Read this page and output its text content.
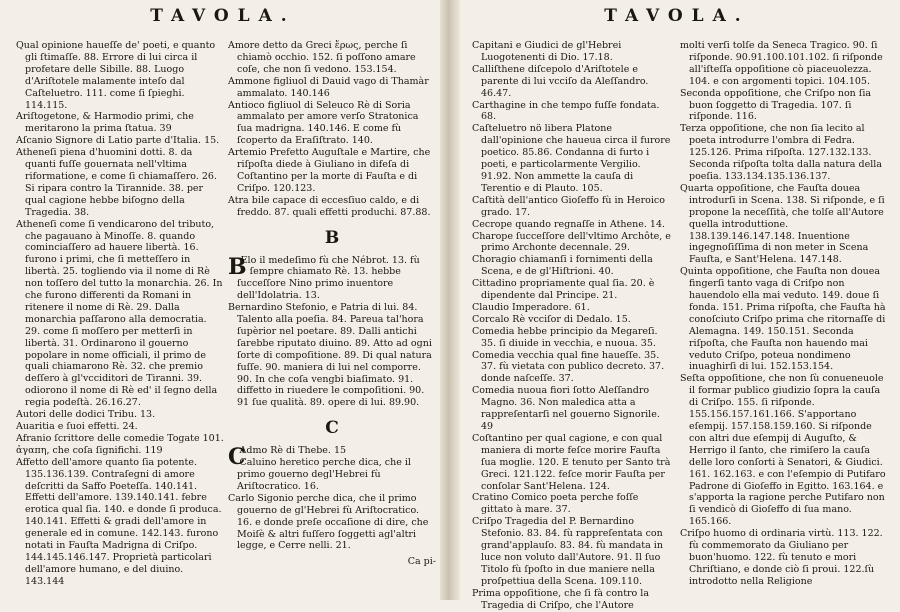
TAVOLA.

Qual opinione haueſſe de' poeti, e quanto gli ſtimaſſe. 88. Errore di lui circa il profetare delle Sibille. 88. Luogo d'Ariſtotele malamente inteſo dal Caſteluetro. 111. come ſi ſpieghi. 114.115.

Ariſtogetone, & Harmodio primi, che meritarono la prima ſtatua. 39

Aſcanio Signore di Latio parte d'Italia. 15.

Atheneſi piena d'huomini dotti. 8. da quanti fuſſe gouernata nell'vltima riformatione, e come ſi chiamaſſero. 26. Si ripara contro la Tirannide. 38. per qual cagione hebbe biſogno della Tragedia. 38.

Atheneſi come ſi vendicarono del tributo, che pagauano à Minoſſe. 8. quando cominciaſſero ad hauere libertà. 16. furono i primi, che ſi metteſſero in libertà. 25. togliendo via il nome di Rè non toſſero del tutto la monarchia. 26. In che furono differenti da Romani in ritenere il nome di Rè. 29. Dalla monarchia paſſarono alla democratia. 29. come ſi moſſero per metterſi in libertà. 31. Ordinarono il gouerno popolare in nome officiali, il primo de quali chiamarono Rè. 32. che premio deſſero à gl'vcciditori de Tiranni. 39. odiorono il nome di Rè ed' il ſegno della regia podeſtà. 26.16.27.

Autori delle dodici Tribu. 13.

Auaritia e ſuoi effetti. 24.

Afranio ſcrittore delle comedie Togate 101.

ἀγαπη, che coſa ſignifichi. 119

Affetto dell'amore quanto ſia potente. 135.136.139. Contraſegni di amore deſcritti da Saffo Poeteſſa. 140.141. Effetti dell'amore. 139.140.141. febre erotica qual ſia. 140. e donde ſi produca. 140.141. Effetti & gradi dell'amore in generale ed in comune. 142.143. furono notati in Fauſta Madrigna di Criſpo. 144.145.146.147. Proprietà particolari dell'amore humano, e del diuino. 143.144

Amore detto da Greci ἔρως, perche ſi chiamò occhio. 152. ſi poſſono amare coſe, che non ſi vedono. 153.154.

Ammone figliuol di Dauid vago di Thamàr ammalato. 140.146

Antioco figliuol di Seleuco Rè di Soria ammalato per amore verſo Stratonica ſua madrigna. 140.146. E come fù ſcoperto da Eraſiſtrato. 140.

Artemio Prefetto Auguſtale e Martire, che riſpoſta diede à Giuliano in difeſa di Coſtantino per la morte di Fauſta e di Criſpo. 120.123.

Atra bile capace di eccesſiuo caldo, e di freddo. 87. quali effetti produchi. 87.88.

B

B
Elo il medeſimo fù che Nébrot. 13. fù ſempre chiamato Rè. 13. hebbe ſucceſſore Nino primo inuentore dell'Idolatria. 13.

Bernardino Stefonio, e Patria di lui. 84. Talento alla poeſia. 84. Pareua tal'hora ſupèrior nel poetare. 89. Dalli antichi ſarebbe riputato diuino. 89. Atto ad ogni ſorte di compoſitione. 89. Di qual natura fuſſe. 90. maniera di lui nel comporre. 90. In che coſa vengbi biaſimato. 91. diffetto in riuedere le compoſitioni. 90. 91 ſue qualità. 89. opere di lui. 89.90.

C

C
Admo Rè di Thebe. 15

Caluino heretico perche dica, che il primo gouerno degl'Hebrei fù Ariſtocratico. 16.

Carlo Sigonio perche dica, che il primo gouerno de gl'Hebrei fù Ariſtocratico. 16. e donde preſe occaſione di dire, che Moiſè & altri fuſſero ſoggetti agl'altri legge, e Cerre nelli. 21.

Ca pi-
TAVOLA.

Capitani e Giudici de gl'Hebrei Luogotenenti di Dio. 17.18.

Calliſthene diſcepolo d'Ariſtotele e parente di lui vcciſo da Aleſſandro. 46.47.

Carthagine in che tempo fuſſe fondata. 68.

Caſteluetro nö libera Platone dall'opinione che haueua circa il furore poetico. 85.86. Condanna di furto i poeti, e particolarmente Vergilio. 91.92. Non ammette la cauſa di Terentio e di Plauto. 105.

Caſtità dell'antico Gioſeffo fù in Heroico grado. 17.

Cecrope quando regnaſſe in Athene. 14.

Charope ſucceſſore dell'vltimo Archôte, e primo Archonte decennale. 29.

Choragio chiamanſi i fornimenti della Scena, e de gl'Hiſtrioni. 40.

Cittadino propriamente qual ſia. 20. è dipendente dal Principe. 21.

Claudio Imperadore. 61.

Corcalo Rè vcciſor di Dedalo. 15.

Comedia hebbe principio da Megareſi. 35. ſi diuide in vecchia, e nuoua. 35.

Comedia vecchia qual fine haueſſe. 35. 37. fù vietata con publico decreto. 37. donde naſceſſe. 37.

Comedia nuoua fiori ſotto Aleſſandro Magno. 36. Non maledica atta a rappreſentarſi nel gouerno Signorile. 49

Coſtantino per qual cagione, e con qual maniera di morte feſce morire Fauſta ſua moglie. 120. E tenuto per Santo trà Greci. 121.122. feſce morir Fauſta per conſolar Sant'Helena. 124.

Cratino Comico poeta perche foſſe gittato à mare. 37.

Criſpo Tragedia del P. Bernardino Stefonio. 83. 84. fù rappreſentata con grand'applauſo. 83. 84. fù mandata in luce non voluto dall'Autore. 91. Il ſuo Titolo fù ſpoſto in due maniere nella proſpettiua della Scena. 109.110.

Prima oppoſitione, che ſi fà contro la Tragedia di Criſpo, che l'Autore

molti verſi tolſe da Seneca Tragico. 90. ſi riſponde. 90.91.100.101.102. ſi riſponde all'iſteſſa oppoſitione cò piaceuolezza. 104. e con argomenti topici. 104.105.

Seconda oppoſitione, che Criſpo non ſia buon ſoggetto di Tragedia. 107. ſi riſponde. 116.

Terza oppoſitione, che non ſia lecito al poeta introdurre l'ombra di Fedra. 125.126. Prima riſpoſta. 127.132.133. Seconda riſpoſta tolta dalla natura della poeſia. 133.134.135.136.137.

Quarta oppoſitione, che Fauſta douea introdurſi in Scena. 138. Si riſponde, e ſi propone la neceſſità, che tolſe all'Autore quella introduttione. 138.139.146.147.148. Inuentione ingegnoſiſſima di non meter in Scena Fauſta, e Sant'Helena. 147.148.

Quinta oppoſitione, che Fauſta non douea fingerſi tanto vaga di Criſpo non hauendolo ella mai veduto. 149. doue ſi fonda. 151. Prima riſpoſta, che Fauſta hà conoſciuto Criſpo prima che ritornaſſe di Alemagna. 149. 150.151. Seconda riſpoſta, che Fauſta non hauendo mai veduto Criſpo, poteua nondimeno inuaghirſi di lui. 152.153.154.

Seſta oppoſitione, che non ſù conueneuole il formar publico giudizio ſopra la cauſa di Criſpo. 155. ſi riſponde. 155.156.157.161.166. S'apportano eſempij. 157.158.159.160. Si riſponde con altri due eſempij di Auguſto, & Herrigo il ſanto, che rimiſero la cauſa delle loro conſorti à Senatori, & Giudici. 161. 162.163. e con l'eſempio di Putifaro Padrone di Gioſeffo in Egitto. 163.164. e s'apporta la ragione perche Putifaro non ſi vendicò di Gioſeffo di ſua mano. 165.166.

Criſpo huomo di ordinaria virtù. 113. 122. fù commemorato da Giuliano per buon'huomo. 122. fù tenuto e mori Chriſtiano, e donde ciò ſi proui. 122.ſù introdotto nella Religione
